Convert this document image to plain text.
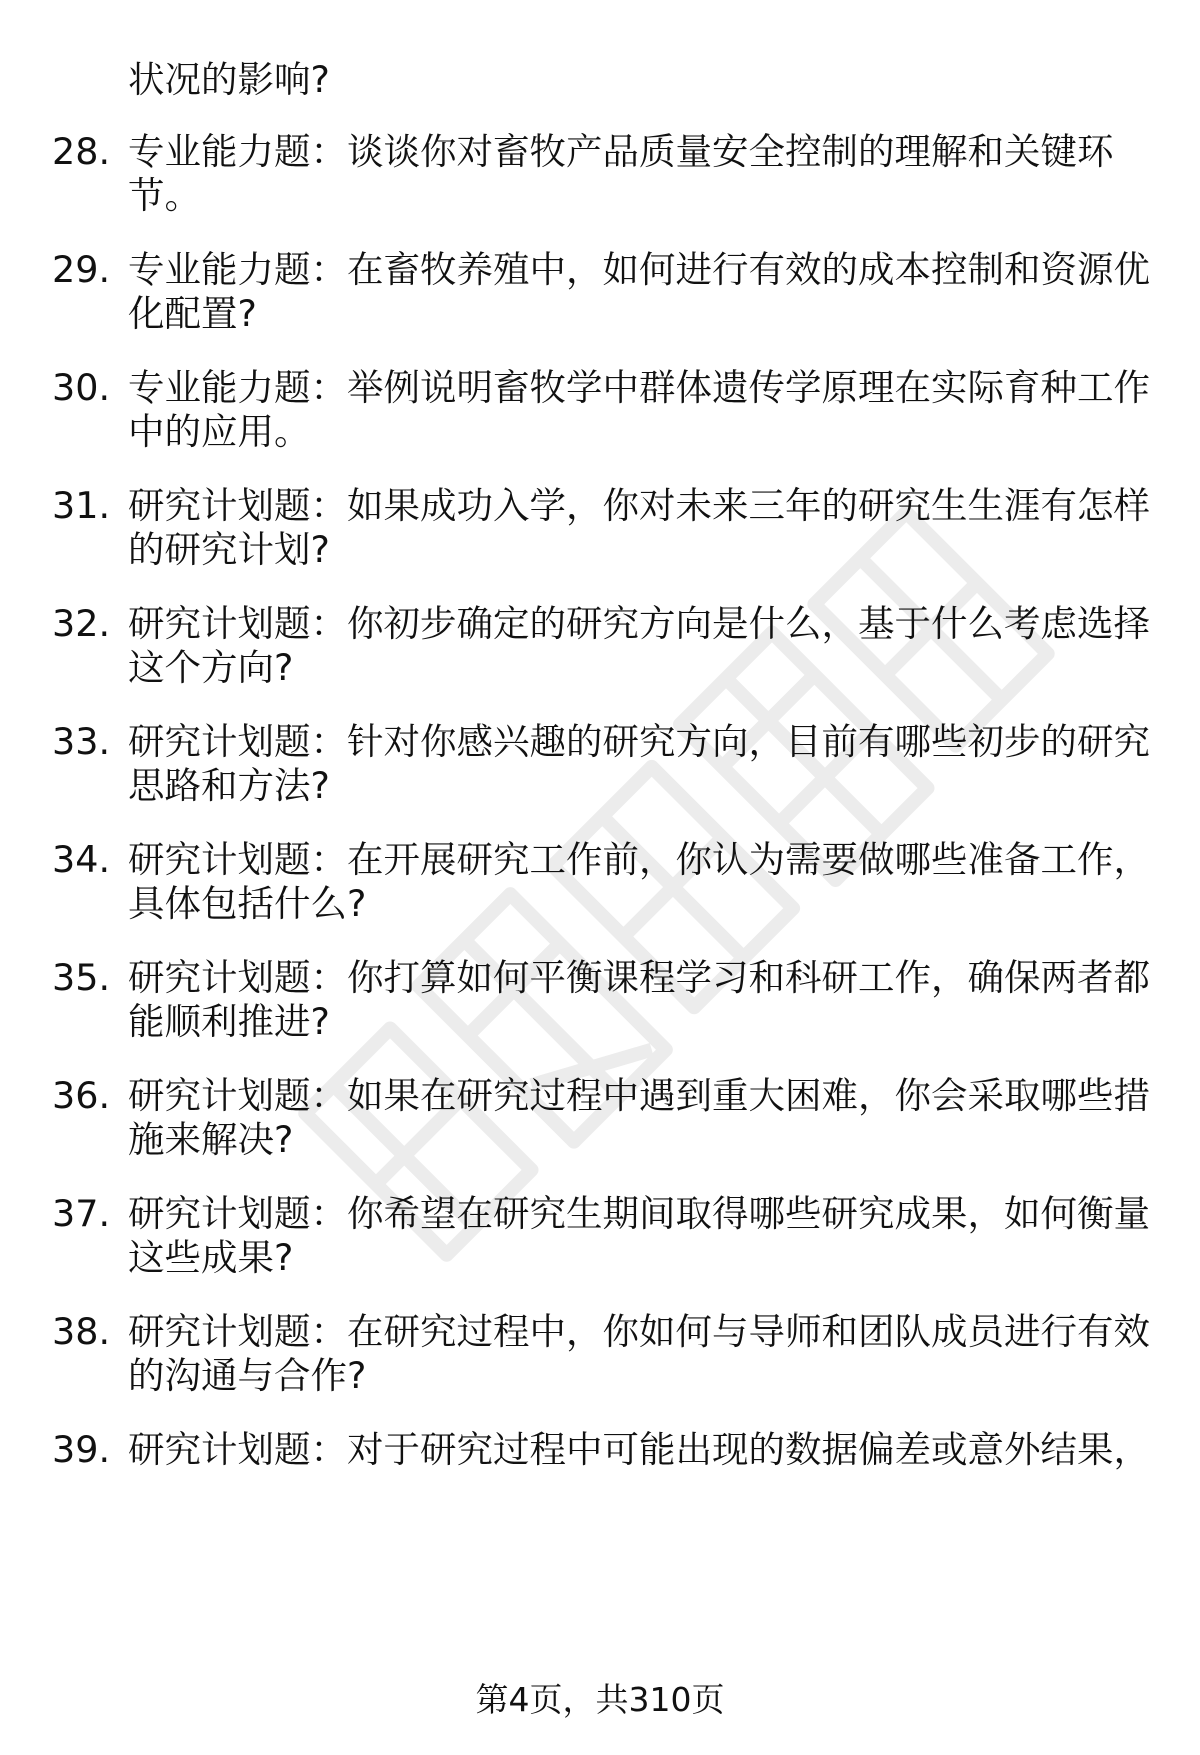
状况的影响?
28. 专业能力题：谈谈你对畜牧产品质量安全控制的理解和关键环
节。
29. 专业能力题：在畜牧养殖中，如何进行有效的成本控制和资源优
化配置?
30. 专业能力题：举例说明畜牧学中群体遗传学原理在实际育种工作
中的应用。
31. 研究计划题：如果成功入学，你对未来三年的研究生生涯有怎样
的研究计划?
32. 研究计划题：你初步确定的研究方向是什么，基于什么考虑选择
这个方向?
33. 研究计划题：针对你感兴趣的研究方向，目前有哪些初步的研究
思路和方法?
34. 研究计划题：在开展研究工作前，你认为需要做哪些准备工作，
具体包括什么?
35. 研究计划题：你打算如何平衡课程学习和科研工作，确保两者都
能顺利推进?
36. 研究计划题：如果在研究过程中遇到重大困难，你会采取哪些措
施来解决?
37. 研究计划题：你希望在研究生期间取得哪些研究成果，如何衡量
这些成果?
38. 研究计划题：在研究过程中，你如何与导师和团队成员进行有效
的沟通与合作?
39. 研究计划题：对于研究过程中可能出现的数据偏差或意外结果，
第4页，共310页
